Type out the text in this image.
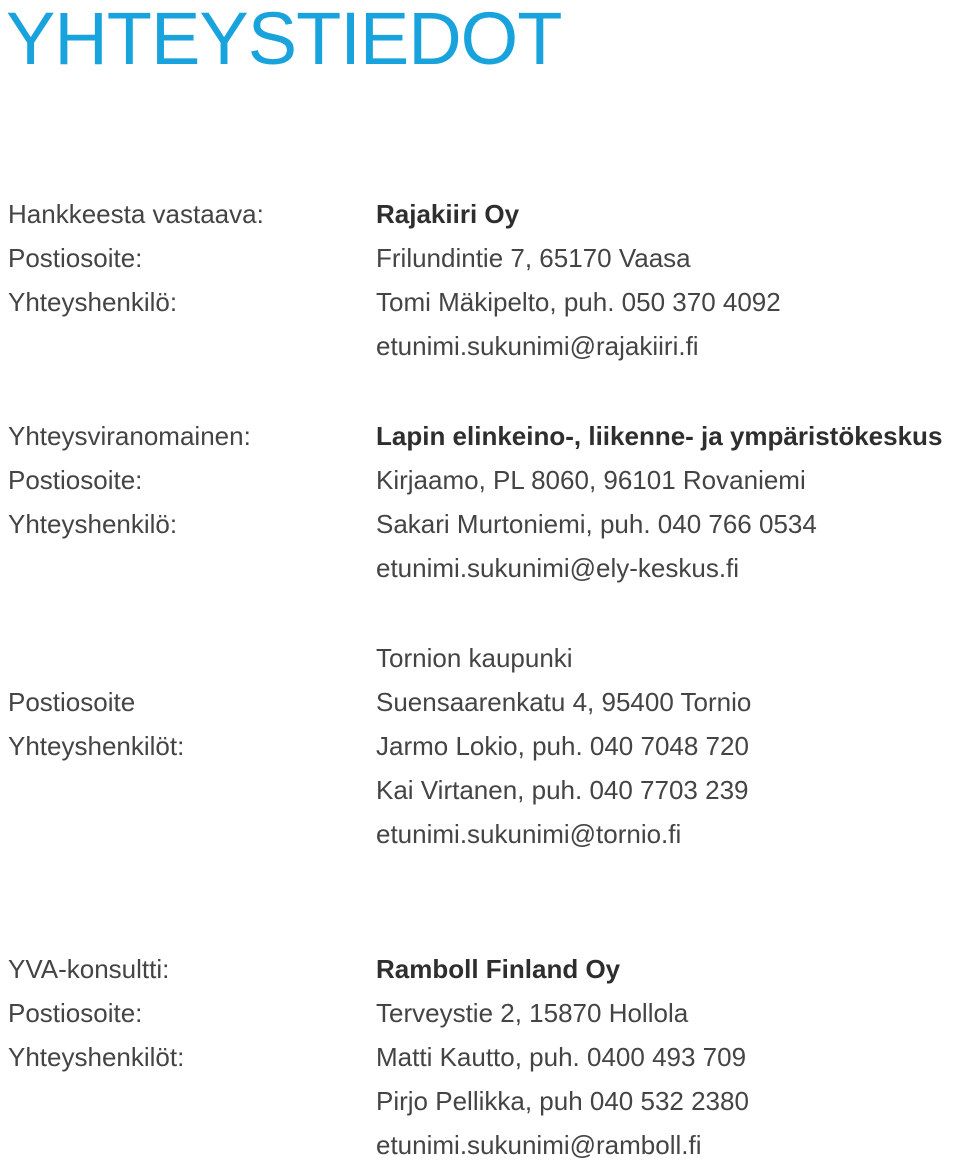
YHTEYSTIEDOT
Hankkeesta vastaava:	Rajakiiri Oy
Postiosoite:	Frilundintie 7, 65170 Vaasa
Yhteyshenkilö:	Tomi Mäkipelto, puh. 050 370 4092
etunimi.sukunimi@rajakiiri.fi
Yhteysviranomainen:	Lapin elinkeino-, liikenne- ja ympäristökeskus
Postiosoite:	Kirjaamo, PL 8060, 96101 Rovaniemi
Yhteyshenkilö:	Sakari Murtoniemi, puh. 040 766 0534
etunimi.sukunimi@ely-keskus.fi
Tornion kaupunki
Postiosoite	Suensaarenkatu 4, 95400 Tornio
Yhteyshenkilöt:	Jarmo Lokio, puh. 040 7048 720
Kai Virtanen, puh. 040 7703 239
etunimi.sukunimi@tornio.fi
YVA-konsultti:	Ramboll Finland Oy
Postiosoite:	Terveystie 2, 15870 Hollola
Yhteyshenkilöt:	Matti Kautto, puh. 0400 493 709
Pirjo Pellikka, puh 040 532 2380
etunimi.sukunimi@ramboll.fi
